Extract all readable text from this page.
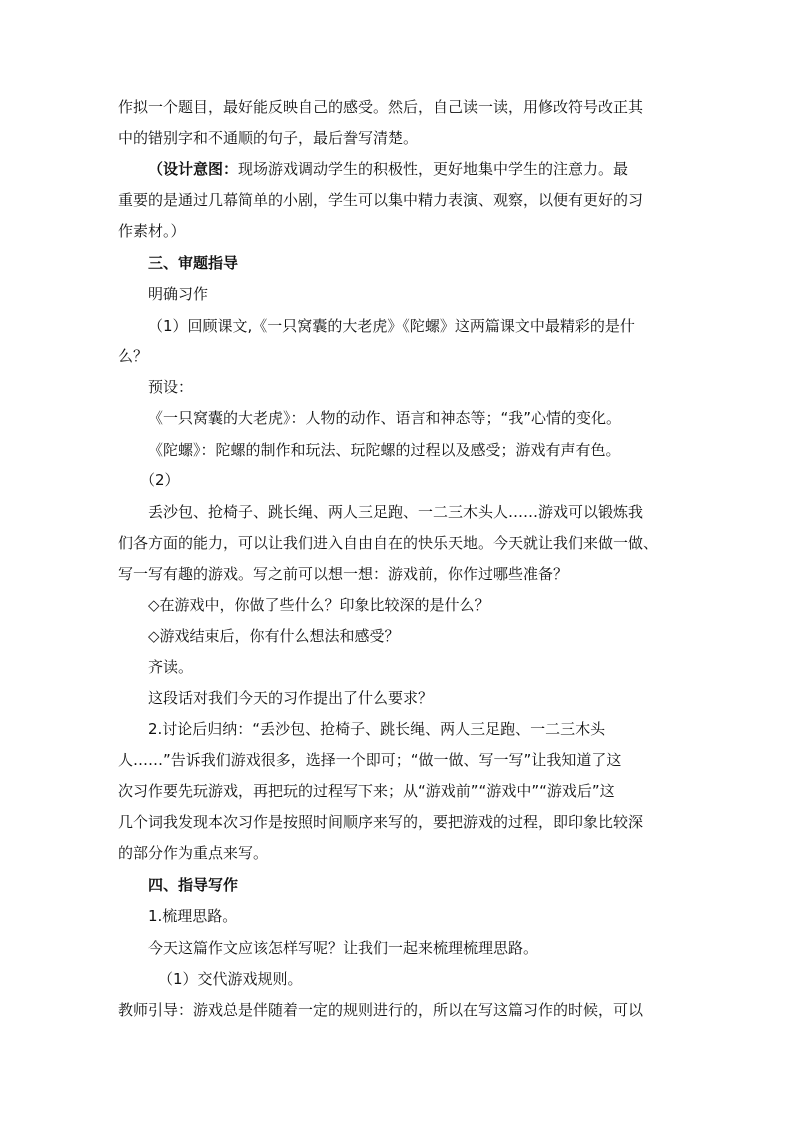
作拟一个题目，最好能反映自己的感受。然后，自己读一读，用修改符号改正其
中的错别字和不通顺的句子，最后誊写清楚。
（设计意图：现场游戏调动学生的积极性，更好地集中学生的注意力。最
重要的是通过几幕简单的小剧，学生可以集中精力表演、观察，以便有更好的习
作素材。）
三、审题指导
明确习作
（1）回顾课文,《一只窝囊的大老虎》《陀螺》这两篇课文中最精彩的是什
么？
预设：
《一只窝囊的大老虎》：人物的动作、语言和神态等；“我”心情的变化。
《陀螺》：陀螺的制作和玩法、玩陀螺的过程以及感受；游戏有声有色。
（2）
丢沙包、抢椅子、跳长绳、两人三足跑、一二三木头人……游戏可以锻炼我
们各方面的能力，可以让我们进入自由自在的快乐天地。今天就让我们来做一做、
写一写有趣的游戏。写之前可以想一想：游戏前，你作过哪些准备？
◇在游戏中，你做了些什么？印象比较深的是什么？
◇游戏结束后，你有什么想法和感受？
齐读。
这段话对我们今天的习作提出了什么要求？
2.讨论后归纳：“丢沙包、抢椅子、跳长绳、两人三足跑、一二三木头
人……”告诉我们游戏很多，选择一个即可；“做一做、写一写”让我知道了这
次习作要先玩游戏，再把玩的过程写下来；从“游戏前”“游戏中”“游戏后”这
几个词我发现本次习作是按照时间顺序来写的，要把游戏的过程，即印象比较深
的部分作为重点来写。
四、指导写作
1.梳理思路。
今天这篇作文应该怎样写呢？让我们一起来梳理梳理思路。
（1）交代游戏规则。
教师引导：游戏总是伴随着一定的规则进行的，所以在写这篇习作的时候，可以
